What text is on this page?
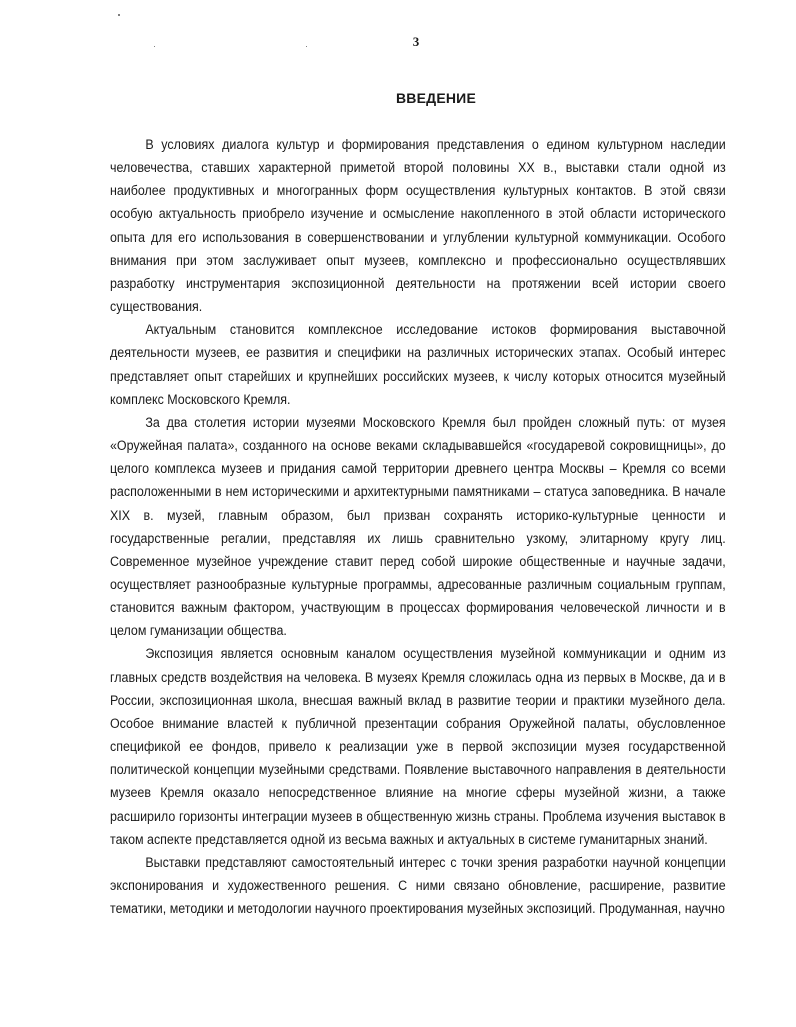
3
ВВЕДЕНИЕ

В условиях диалога культур и формирования представления о едином культурном наследии человечества, ставших характерной приметой второй половины XX в., выставки стали одной из наиболее продуктивных и многогранных форм осуществления культурных контактов. В этой связи особую актуальность приобрело изучение и осмысление накопленного в этой области исторического опыта для его использования в совершенствовании и углублении культурной коммуникации. Особого внимания при этом заслуживает опыт музеев, комплексно и профессионально осуществлявших разработку инструментария экспозиционной деятельности на протяжении всей истории своего существования.

Актуальным становится комплексное исследование истоков формирования выставочной деятельности музеев, ее развития и специфики на различных исторических этапах. Особый интерес представляет опыт старейших и крупнейших российских музеев, к числу которых относится музейный комплекс Московского Кремля.

За два столетия истории музеями Московского Кремля был пройден сложный путь: от музея «Оружейная палата», созданного на основе веками складывавшейся «государевой сокровищницы», до целого комплекса музеев и придания самой территории древнего центра Москвы – Кремля со всеми расположенными в нем историческими и архитектурными памятниками – статуса заповедника. В начале XIX в. музей, главным образом, был призван сохранять историко-культурные ценности и государственные регалии, представляя их лишь сравнительно узкому, элитарному кругу лиц. Современное музейное учреждение ставит перед собой широкие общественные и научные задачи, осуществляет разнообразные культурные программы, адресованные различным социальным группам, становится важным фактором, участвующим в процессах формирования человеческой личности и в целом гуманизации общества.

Экспозиция является основным каналом осуществления музейной коммуникации и одним из главных средств воздействия на человека. В музеях Кремля сложилась одна из первых в Москве, да и в России, экспозиционная школа, внесшая важный вклад в развитие теории и практики музейного дела. Особое внимание властей к публичной презентации собрания Оружейной палаты, обусловленное спецификой ее фондов, привело к реализации уже в первой экспозиции музея государственной политической концепции музейными средствами. Появление выставочного направления в деятельности музеев Кремля оказало непосредственное влияние на многие сферы музейной жизни, а также расширило горизонты интеграции музеев в общественную жизнь страны. Проблема изучения выставок в таком аспекте представляется одной из весьма важных и актуальных в системе гуманитарных знаний.

Выставки представляют самостоятельный интерес с точки зрения разработки научной концепции экспонирования и художественного решения. С ними связано обновление, расширение, развитие тематики, методики и методологии научного проектирования музейных экспозиций. Продуманная, научно
